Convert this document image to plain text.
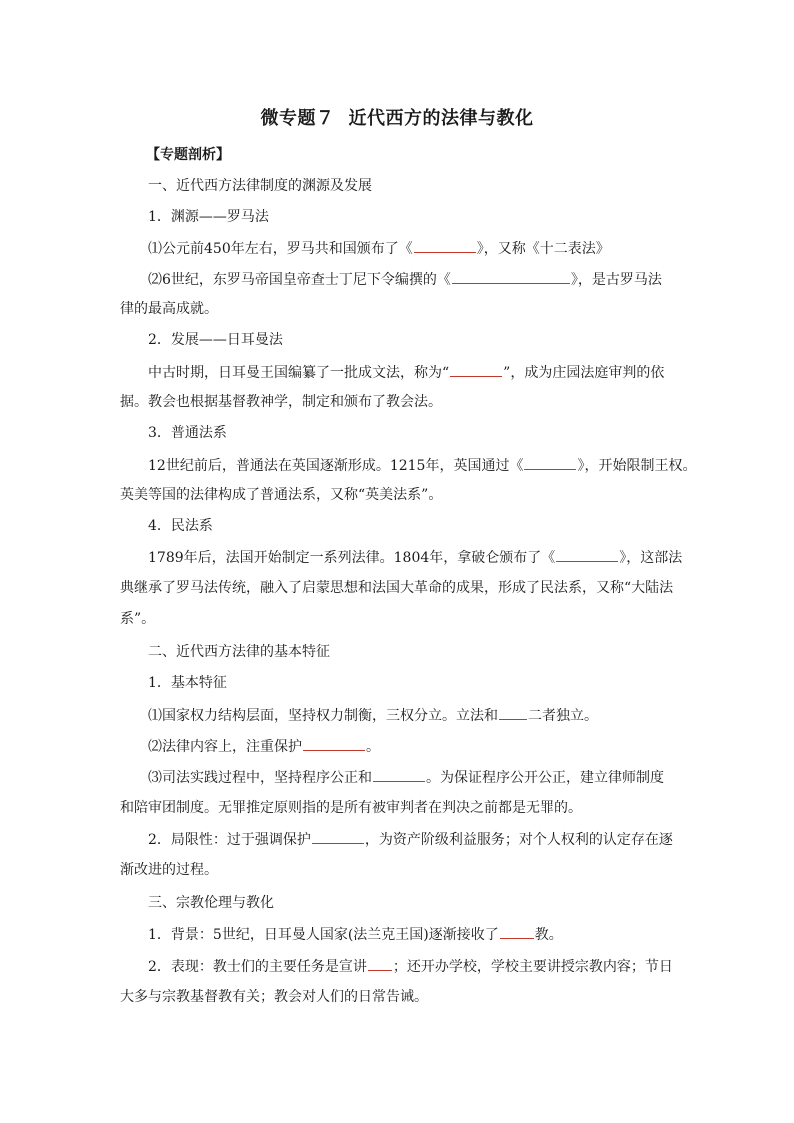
微专题７ 近代西方的法律与教化
【专题剖析】
一、近代西方法律制度的渊源及发展
1．渊源——罗马法
⑴公元前450年左右，罗马共和国颁布了《	》，又称《十二表法》
⑵6世纪，东罗马帝国皇帝查士丁尼下令编撰的《	》，是古罗马法
律的最高成就。
2．发展——日耳曼法
中古时期，日耳曼王国编纂了一批成文法，称为“	”，成为庄园法庭审判的依
据。教会也根据基督教神学，制定和颁布了教会法。
3．普通法系
12世纪前后，普通法在英国逐渐形成。1215年，英国通过《	》，开始限制王权。
英美等国的法律构成了普通法系，又称“英美法系”。
4．民法系
1789年后，法国开始制定一系列法律。1804年，拿破仑颁布了《	》，这部法
典继承了罗马法传统，融入了启蒙思想和法国大革命的成果，形成了民法系，又称“大陆法
系”。
二、近代西方法律的基本特征
1．基本特征
⑴国家权力结构层面，坚持权力制衡，三权分立。立法和 二者独立。
⑵法律内容上，注重保护	。
⑶司法实践过程中，坚持程序公正和	。为保证程序公开公正，建立律师制度
和陪审团制度。无罪推定原则指的是所有被审判者在判决之前都是无罪的。
2．局限性：过于强调保护	，为资产阶级利益服务；对个人权利的认定存在逐
渐改进的过程。
三、宗教伦理与教化
1．背景：5世纪，日耳曼人国家(法兰克王国)逐渐接收了	教。
2．表现：教士们的主要任务是宣讲 ；还开办学校，学校主要讲授宗教内容；节日
大多与宗教基督教有关；教会对人们的日常告诫。
